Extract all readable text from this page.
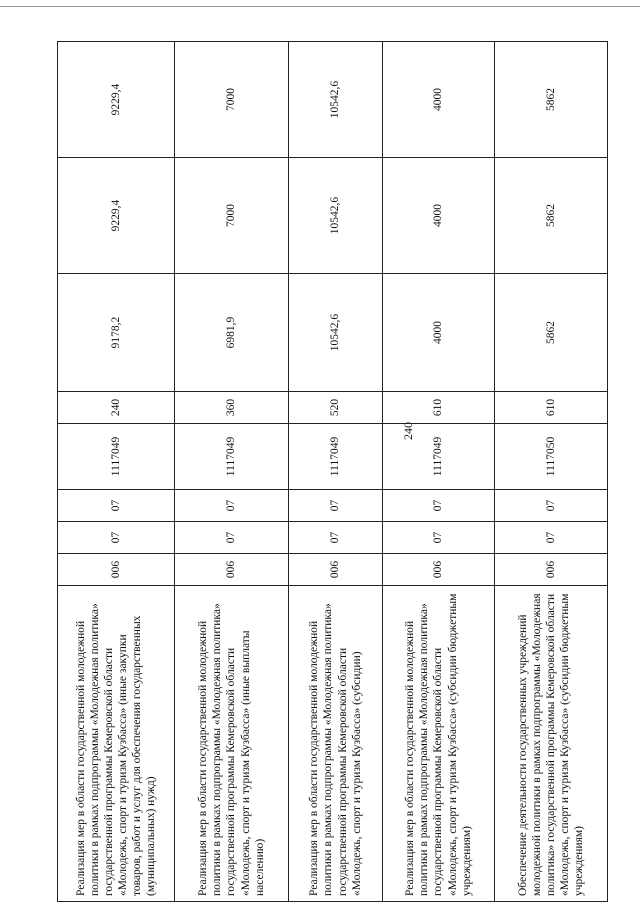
240
Реализация мер в области государственной молодежной политики в рамках подпрограммы «Молодежная политика» государственной программы Кемеровской области «Молодежь, спорт и туризм Кузбасса» (иные закупки товаров, работ и услуг для обеспечения государственных (муниципальных) нужд)	006	07	07	1117049	240	9178,2	9229,4	9229,4
Реализация мер в области государственной молодежной политики в рамках подпрограммы «Молодежная политика» государственной программы Кемеровской области «Молодежь, спорт и туризм Кузбасса» (иные выплаты населению)	006	07	07	1117049	360	6981,9	7000	7000
Реализация мер в области государственной молодежной политики в рамках подпрограммы «Молодежная политика» государственной программы Кемеровской области «Молодежь, спорт и туризм Кузбасса» (субсидии)	006	07	07	1117049	520	10542,6	10542,6	10542,6
Реализация мер в области государственной молодежной политики в рамках подпрограммы «Молодежная политика» государственной программы Кемеровской области «Молодежь, спорт и туризм Кузбасса» (субсидии бюджетным учреждениям)	006	07	07	1117049	610	4000	4000	4000
Обеспечение деятельности государственных учреждений молодежной политики в рамках подпрограммы «Молодежная политика» государственной программы Кемеровской области «Молодежь, спорт и туризм Кузбасса» (субсидии бюджетным учреждениям)	006	07	07	1117050	610	5862	5862	5862
